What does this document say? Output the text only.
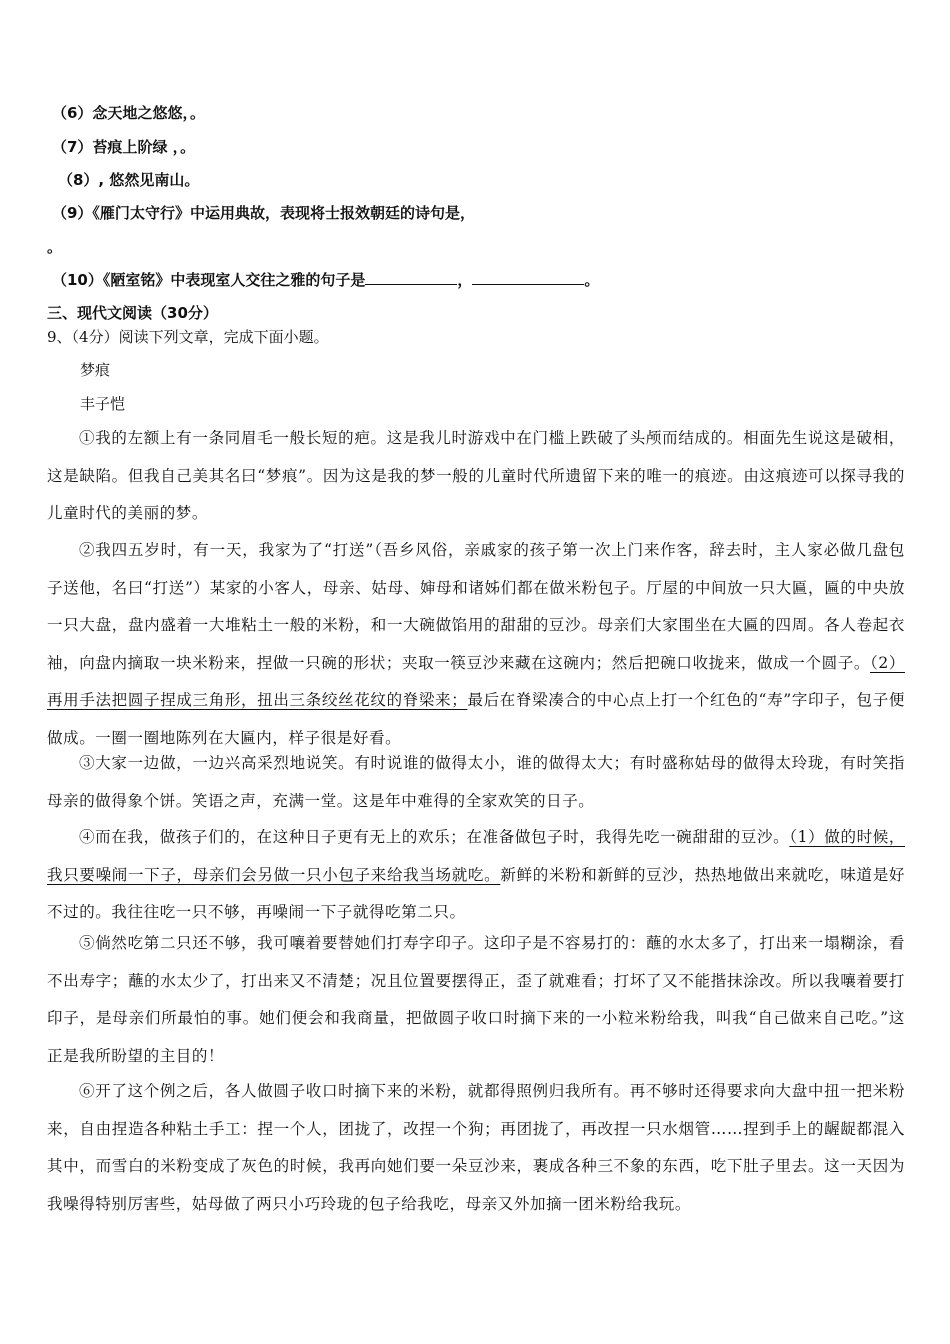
（6）念天地之悠悠，。
（7）苔痕上阶绿 ，。
（8）, 悠然见南山。
（9）《雁门太守行》中运用典故，表现将士报效朝廷的诗句是，
。
（10）《陋室铭》中表现室人交往之雅的句子是	，	。
三、现代文阅读（30分）
9、（4分）阅读下列文章，完成下面小题。
梦痕
丰子恺
①我的左额上有一条同眉毛一般长短的疤。这是我儿时游戏中在门槛上跌破了头颅而结成的。相面先生说这是破相，这是缺陷。但我自己美其名曰“梦痕”。因为这是我的梦一般的儿童时代所遗留下来的唯一的痕迹。由这痕迹可以探寻我的儿童时代的美丽的梦。
②我四五岁时，有一天，我家为了“打送”（吾乡风俗，亲戚家的孩子第一次上门来作客，辞去时，主人家必做几盘包子送他，名曰“打送”）某家的小客人，母亲、姑母、婶母和诸姊们都在做米粉包子。厅屋的中间放一只大匾，匾的中央放一只大盘，盘内盛着一大堆粘土一般的米粉，和一大碗做馅用的甜甜的豆沙。母亲们大家围坐在大匾的四周。各人卷起衣袖，向盘内摘取一块米粉来，捏做一只碗的形状；夹取一筷豆沙来藏在这碗内；然后把碗口收拢来，做成一个圆子。（2）再用手法把圆子捏成三角形，扭出三条绞丝花纹的脊梁来；最后在脊梁凑合的中心点上打一个红色的“寿”字印子，包子便做成。一圈一圈地陈列在大匾内，样子很是好看。
③大家一边做，一边兴高采烈地说笑。有时说谁的做得太小，谁的做得太大；有时盛称姑母的做得太玲珑，有时笑指母亲的做得象个饼。笑语之声，充满一堂。这是年中难得的全家欢笑的日子。
④而在我，做孩子们的，在这种日子更有无上的欢乐；在准备做包子时，我得先吃一碗甜甜的豆沙。（1）做的时候，我只要噪闹一下子，母亲们会另做一只小包子来给我当场就吃。新鲜的米粉和新鲜的豆沙，热热地做出来就吃，味道是好不过的。我往往吃一只不够，再噪闹一下子就得吃第二只。
⑤倘然吃第二只还不够，我可嚷着要替她们打寿字印子。这印子是不容易打的：蘸的水太多了，打出来一塌糊涂，看不出寿字；蘸的水太少了，打出来又不清楚；况且位置要摆得正，歪了就难看；打坏了又不能揩抹涂改。所以我嚷着要打印子，是母亲们所最怕的事。她们便会和我商量，把做圆子收口时摘下来的一小粒米粉给我，叫我“自己做来自己吃。”这正是我所盼望的主目的！
⑥开了这个例之后，各人做圆子收口时摘下来的米粉，就都得照例归我所有。再不够时还得要求向大盘中扭一把米粉来，自由捏造各种粘土手工：捏一个人，团拢了，改捏一个狗；再团拢了，再改捏一只水烟管……捏到手上的龌龊都混入其中，而雪白的米粉变成了灰色的时候，我再向她们要一朵豆沙来，裹成各种三不象的东西，吃下肚子里去。这一天因为我噪得特别厉害些，姑母做了两只小巧玲珑的包子给我吃，母亲又外加摘一团米粉给我玩。
